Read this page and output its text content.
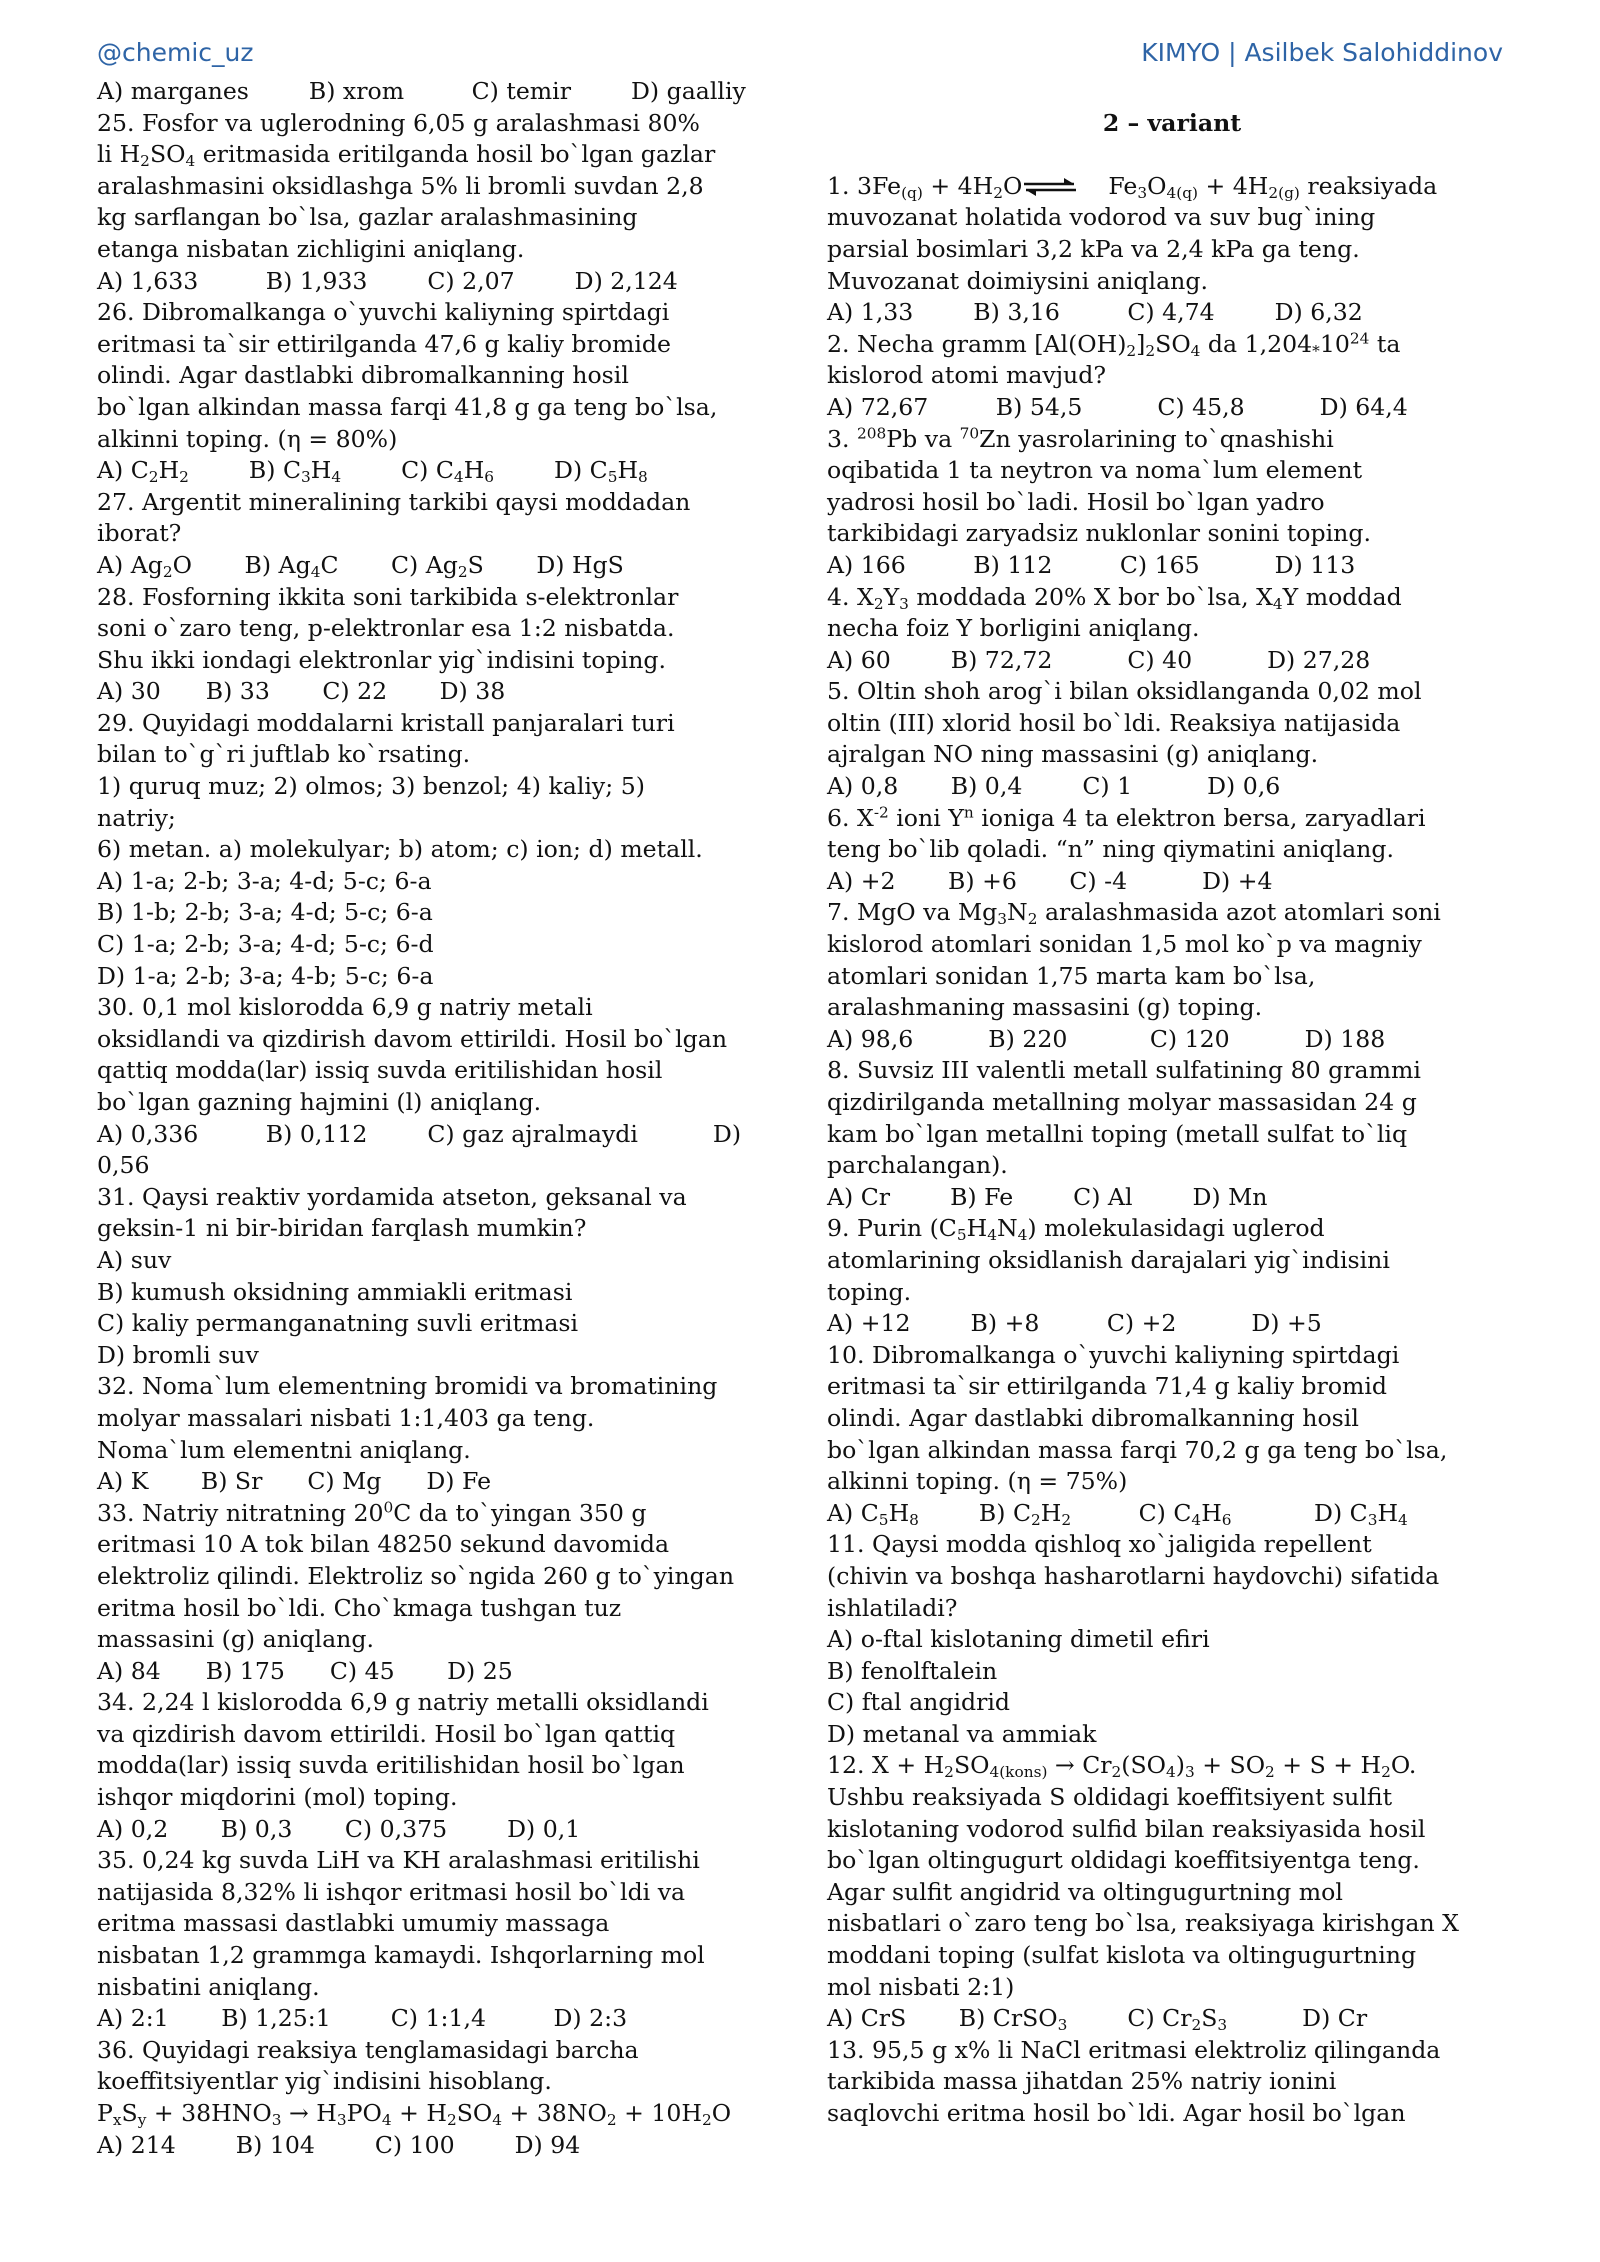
@chemic_uz	KIMYO | Asilbek Salohiddinov
A) marganes        B) xrom         C) temir        D) gaalliy
25. Fosfor va uglerodning 6,05 g aralashmasi 80%
li $H_2SO_4$ eritmasida eritilganda hosil bo`lgan gazlar
aralashmasini oksidlashga 5% li bromli suvdan 2,8
kg sarflangan bo`lsa, gazlar aralashmasining
etanga nisbatan zichligini aniqlang.
A) 1,633         B) 1,933        C) 2,07        D) 2,124
26. Dibromalkanga o`yuvchi kaliyning spirtdagi
eritmasi ta`sir ettirilganda 47,6 g kaliy bromide
olindi. Agar dastlabki dibromalkanning hosil
bo`lgan alkindan massa farqi 41,8 g ga teng bo`lsa,
alkinni toping. (η = 80%)
A) $C_2H_2$        B) $C_3H_4$        C) $C_4H_6$        D) $C_5H_8$
27. Argentit mineralining tarkibi qaysi moddadan
iborat?
A) $Ag_2O$       B) $Ag_4C$       C) $Ag_2S$       D) HgS
28. Fosforning ikkita soni tarkibida s-elektronlar
soni o`zaro teng, p-elektronlar esa 1:2 nisbatda.
Shu ikki iondagi elektronlar yig`indisini toping.
A) 30      B) 33       C) 22       D) 38
29. Quyidagi moddalarni kristall panjaralari turi
bilan to`g`ri juftlab ko`rsating.
1) quruq muz; 2) olmos; 3) benzol; 4) kaliy; 5)
natriy;
6) metan. a) molekulyar; b) atom; c) ion; d) metall.
A) 1-a; 2-b; 3-a; 4-d; 5-c; 6-a
B) 1-b; 2-b; 3-a; 4-d; 5-c; 6-a
C) 1-a; 2-b; 3-a; 4-d; 5-c; 6-d
D) 1-a; 2-b; 3-a; 4-b; 5-c; 6-a
30. 0,1 mol kislorodda 6,9 g natriy metali
oksidlandi va qizdirish davom ettirildi. Hosil bo`lgan
qattiq modda(lar) issiq suvda eritilishidan hosil
bo`lgan gazning hajmini (l) aniqlang.
A) 0,336         B) 0,112        C) gaz ajralmaydi          D)
0,56
31. Qaysi reaktiv yordamida atseton, geksanal va
geksin-1 ni bir-biridan farqlash mumkin?
A) suv
B) kumush oksidning ammiakli eritmasi
C) kaliy permanganatning suvli eritmasi
D) bromli suv
32. Noma`lum elementning bromidi va bromatining
molyar massalari nisbati 1:1,403 ga teng.
Noma`lum elementni aniqlang.
A) K       B) Sr      C) Mg      D) Fe
33. Natriy nitratning $20^0C$ da to`yingan 350 g
eritmasi 10 A tok bilan 48250 sekund davomida
elektroliz qilindi. Elektroliz so`ngida 260 g to`yingan
eritma hosil bo`ldi. Cho`kmaga tushgan tuz
massasini (g) aniqlang.
A) 84      B) 175      C) 45       D) 25
34. 2,24 l kislorodda 6,9 g natriy metalli oksidlandi
va qizdirish davom ettirildi. Hosil bo`lgan qattiq
modda(lar) issiq suvda eritilishidan hosil bo`lgan
ishqor miqdorini (mol) toping.
A) 0,2       B) 0,3       C) 0,375        D) 0,1
35. 0,24 kg suvda LiH va KH aralashmasi eritilishi
natijasida 8,32% li ishqor eritmasi hosil bo`ldi va
eritma massasi dastlabki umumiy massaga
nisbatan 1,2 grammga kamaydi. Ishqorlarning mol
nisbatini aniqlang.
A) 2:1       B) 1,25:1        C) 1:1,4         D) 2:3
36. Quyidagi reaksiya tenglamasidagi barcha
koeffitsiyentlar yig`indisini hisoblang.
$P_xS_y + 38HNO_3 \to H_3PO_4 + H_2SO_4 + 38NO_2 + 10H_2O$
A) 214        B) 104        C) 100        D) 94
2 – variant
1. $3Fe_{(q)}$ + $4H_2O\rightleftharpoons$ $Fe_3O_{4(q)} + 4H_{2(g)}$ reaksiyada
muvozanat holatida vodorod va suv bug`ining
parsial bosimlari 3,2 kPa va 2,4 kPa ga teng.
Muvozanat doimiysini aniqlang.
A) 1,33        B) 3,16         C) 4,74        D) 6,32
2. Necha gramm $[Al(OH)_2]_2SO_4$ da $1,204_*10^{24}$ ta
kislorod atomi mavjud?
A) 72,67         B) 54,5          C) 45,8          D) 64,4
3. $^{208}$Pb va $^{70}$Zn yasrolarining to`qnashishi
oqibatida 1 ta neytron va noma`lum element
yadrosi hosil bo`ladi. Hosil bo`lgan yadro
tarkibidagi zaryadsiz nuklonlar sonini toping.
A) 166         B) 112         C) 165          D) 113
4. $X_2Y_3$ moddada 20% X bor bo`lsa, $X_4Y$ moddad
necha foiz Y borligini aniqlang.
A) 60        B) 72,72          C) 40          D) 27,28
5. Oltin shoh arog`i bilan oksidlanganda 0,02 mol
oltin (III) xlorid hosil bo`ldi. Reaksiya natijasida
ajralgan NO ning massasini (g) aniqlang.
A) 0,8       B) 0,4        C) 1          D) 0,6
6. $X^{-2}$ ioni $Y^n$ ioniga 4 ta elektron bersa, zaryadlari
teng bo`lib qoladi. “n” ning qiymatini aniqlang.
A) +2       B) +6       C) -4          D) +4
7. MgO va $Mg_3N_2$ aralashmasida azot atomlari soni
kislorod atomlari sonidan 1,5 mol ko`p va magniy
atomlari sonidan 1,75 marta kam bo`lsa,
aralashmaning massasini (g) toping.
A) 98,6          B) 220           C) 120          D) 188
8. Suvsiz III valentli metall sulfatining 80 grammi
qizdirilganda metallning molyar massasidan 24 g
kam bo`lgan metallni toping (metall sulfat to`liq
parchalangan).
A) Cr        B) Fe        C) Al        D) Mn
9. Purin $(C_5H_4N_4)$ molekulasidagi uglerod
atomlarining oksidlanish darajalari yig`indisini
toping.
A) +12        B) +8         C) +2          D) +5
10. Dibromalkanga o`yuvchi kaliyning spirtdagi
eritmasi ta`sir ettirilganda 71,4 g kaliy bromid
olindi. Agar dastlabki dibromalkanning hosil
bo`lgan alkindan massa farqi 70,2 g ga teng bo`lsa,
alkinni toping. (η = 75%)
A) $C_5H_8$        B) $C_2H_2$         C) $C_4H_6$           D) $C_3H_4$
11. Qaysi modda qishloq xo`jaligida repellent
(chivin va boshqa hasharotlarni haydovchi) sifatida
ishlatiladi?
A) o-ftal kislotaning dimetil efiri
B) fenolftalein
C) ftal angidrid
D) metanal va ammiak
12. $X + H_2SO_{4(kons)} \to Cr_2(SO_4)_3 + SO_2 + S + H_2O$.
Ushbu reaksiyada S oldidagi koeffitsiyent sulfit
kislotaning vodorod sulfid bilan reaksiyasida hosil
bo`lgan oltingugurt oldidagi koeffitsiyentga teng.
Agar sulfit angidrid va oltingugurtning mol
nisbatlari o`zaro teng bo`lsa, reaksiyaga kirishgan X
moddani toping (sulfat kislota va oltingugurtning
mol nisbati 2:1)
A) CrS       B) CrSO$_3$        C) $Cr_2S_3$          D) Cr
13. 95,5 g x% li NaCl eritmasi elektroliz qilinganda
tarkibida massa jihatdan 25% natriy ionini
saqlovchi eritma hosil bo`ldi. Agar hosil bo`lgan
